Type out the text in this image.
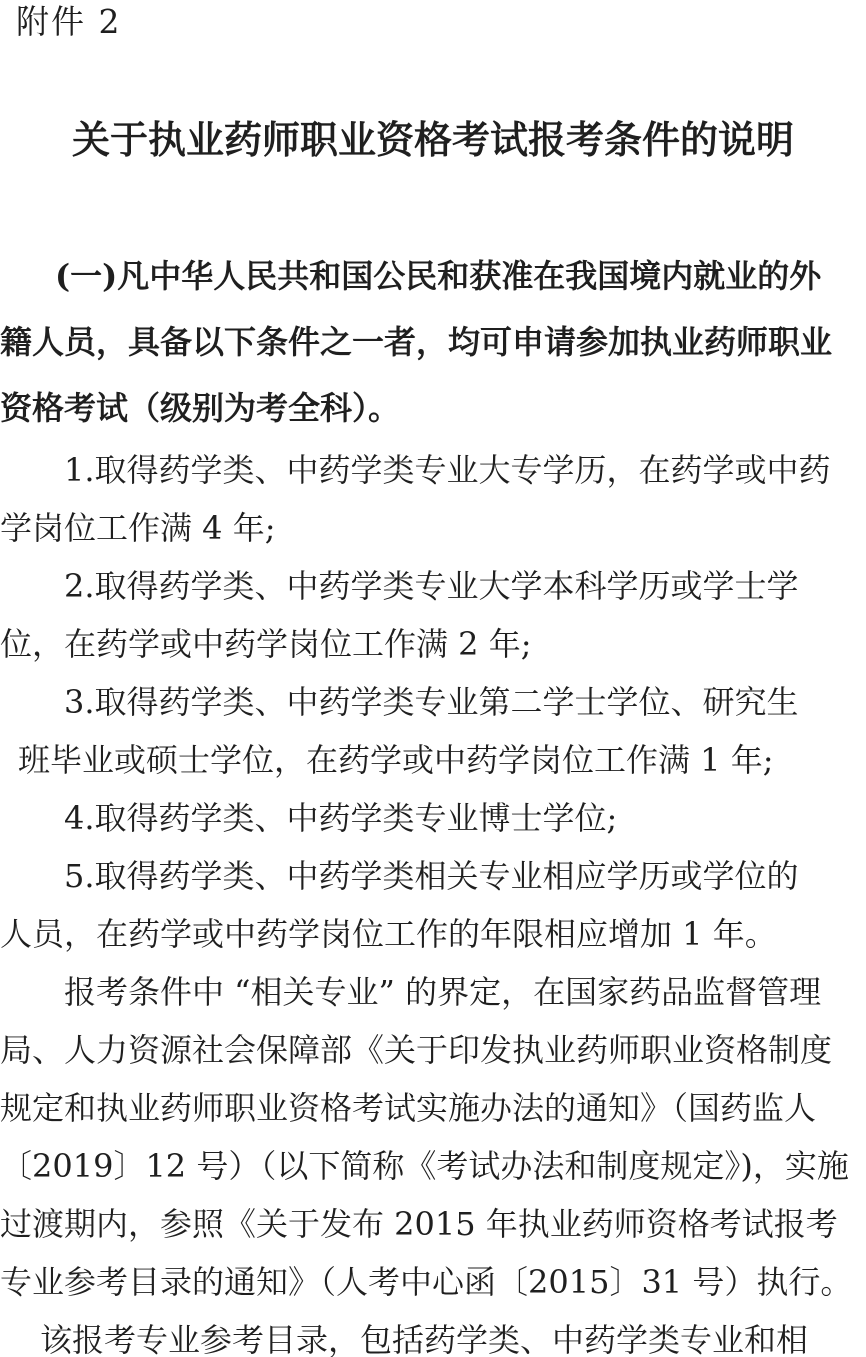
附件 2
关于执业药师职业资格考试报考条件的说明
(一)凡中华人民共和国公民和获准在我国境内就业的外
籍人员，具备以下条件之一者，均可申请参加执业药师职业
资格考试（级别为考全科）。
1.取得药学类、中药学类专业大专学历，在药学或中药
学岗位工作满 4 年;
2.取得药学类、中药学类专业大学本科学历或学士学
位，在药学或中药学岗位工作满 2 年;
3.取得药学类、中药学类专业第二学士学位、研究生
班毕业或硕士学位，在药学或中药学岗位工作满 1 年;
4.取得药学类、中药学类专业博士学位;
5.取得药学类、中药学类相关专业相应学历或学位的
人员，在药学或中药学岗位工作的年限相应增加 1 年。
报考条件中 “相关专业” 的界定，在国家药品监督管理
局、人力资源社会保障部《关于印发执业药师职业资格制度
规定和执业药师职业资格考试实施办法的通知》（国药监人
〔2019〕12 号）（以下简称《考试办法和制度规定》)，实施
过渡期内，参照《关于发布 2015 年执业药师资格考试报考
专业参考目录的通知》（人考中心函〔2015〕31 号）执行。
该报考专业参考目录，包括药学类、中药学类专业和相
